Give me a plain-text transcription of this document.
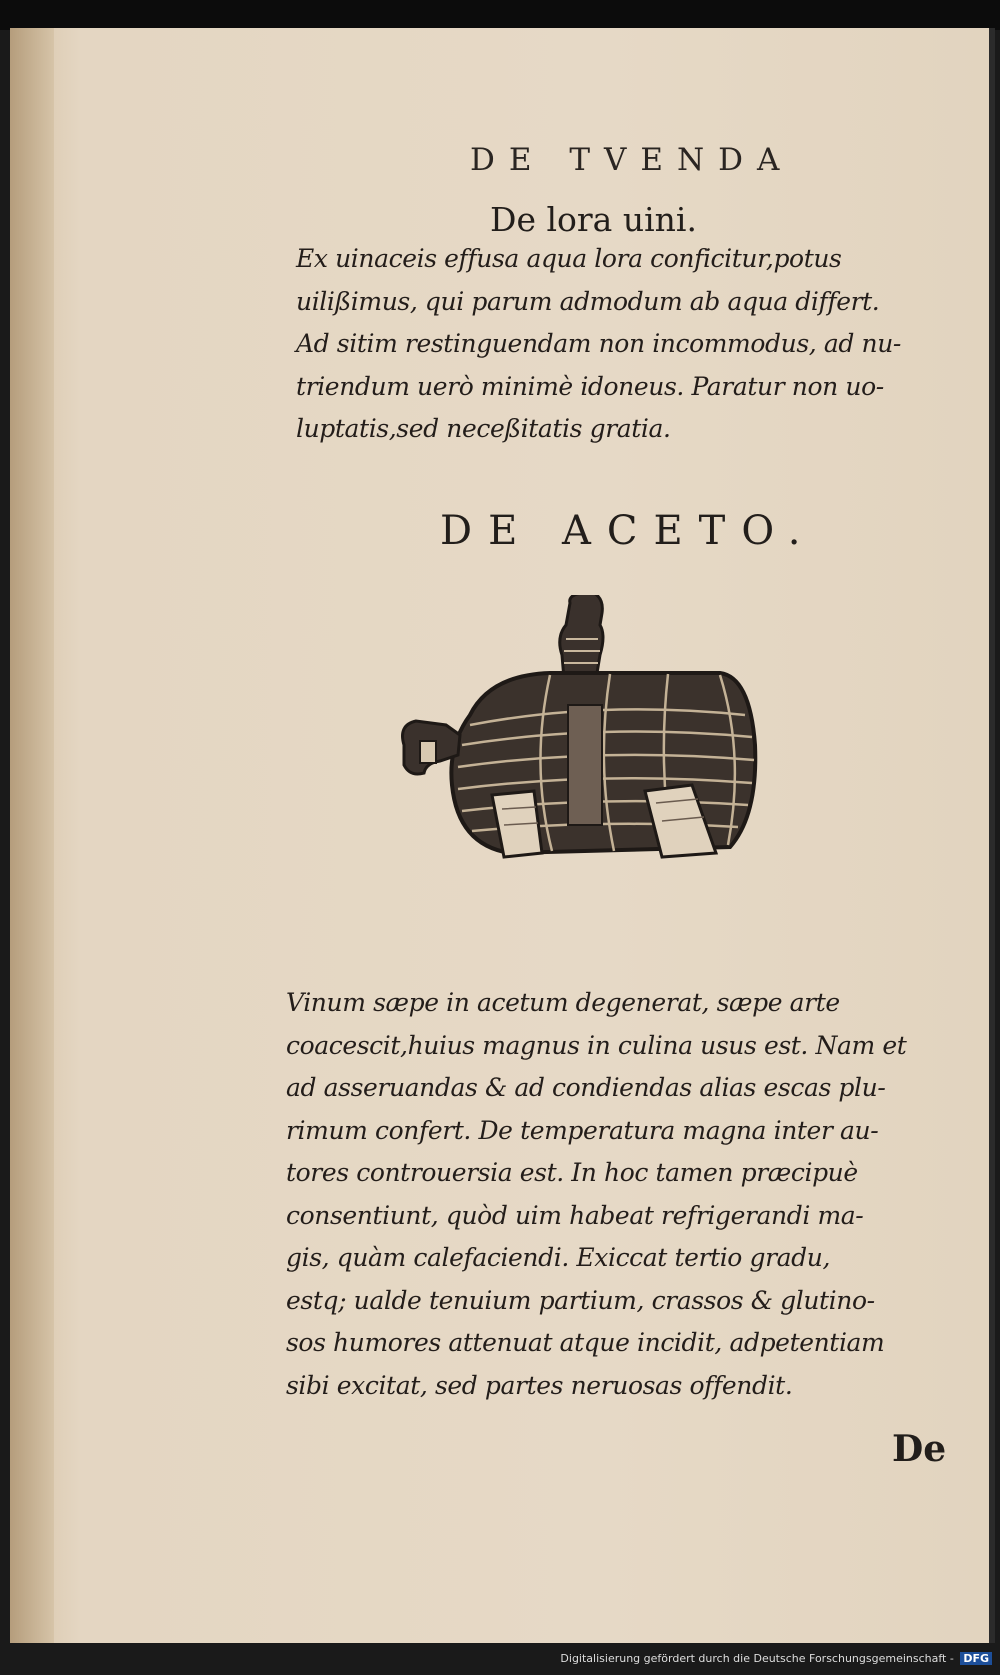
DE TVENDA
De lora uini.
Ex uinaceis effusa aqua lora conficitur,potus
uilißimus, qui parum admodum ab aqua differt.
Ad sitim restinguendam non incommodus, ad nu-
triendum uerò minimè idoneus. Paratur non uo-
luptatis,sed neceßitatis gratia.
DE ACETO.
Vinum sæpe in acetum degenerat, sæpe arte
coacescit,huius magnus in culina usus est. Nam et
ad asseruandas & ad condiendas alias escas plu-
rimum confert. De temperatura magna inter au-
tores controuersia est. In hoc tamen præcipuè
consentiunt, quòd uim habeat refrigerandi ma-
gis, quàm calefaciendi. Exiccat tertio gradu,
estq; ualde tenuium partium, crassos & glutino-
sos humores attenuat atque incidit, adpetentiam
sibi excitat, sed partes neruosas offendit.
De
Digitalisierung gefördert durch die Deutsche Forschungsgemeinschaft - DFG
